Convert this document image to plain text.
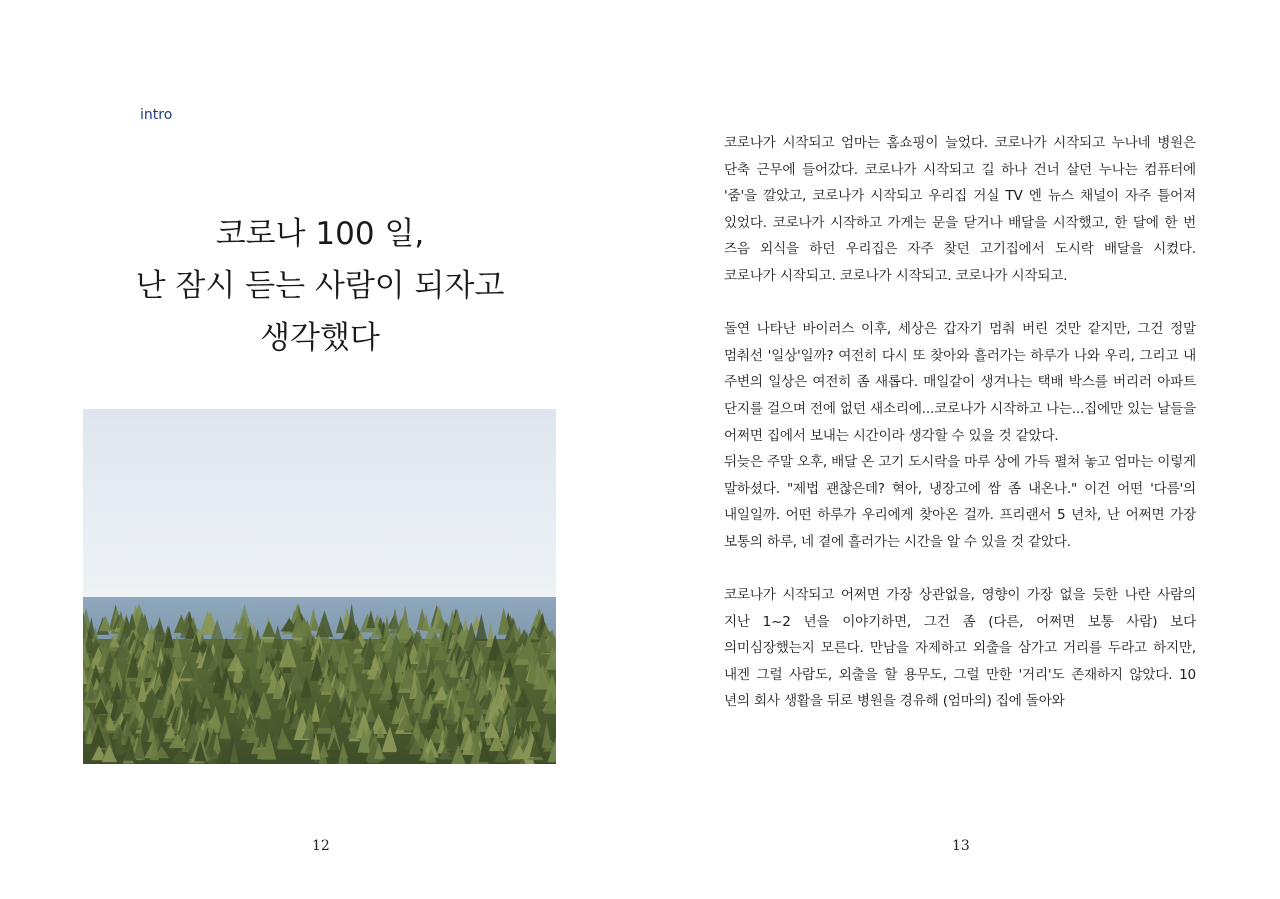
intro
코로나 100 일,
난 잠시 듣는 사람이 되자고
생각했다
12

코로나가 시작되고 엄마는 홈쇼핑이 늘었다. 코로나가 시작되고 누나네 병원은 단축 근무에 들어갔다. 코로나가 시작되고 길 하나 건너 살던 누나는 컴퓨터에 '줌'을 깔았고, 코로나가 시작되고 우리집 거실 TV 엔 뉴스 채널이 자주 틀어져 있었다. 코로나가 시작하고 가게는 문을 닫거나 배달을 시작했고, 한 달에 한 번 즈음 외식을 하던 우리집은 자주 찾던 고기집에서 도시락 배달을 시켰다. 코로나가 시작되고. 코로나가 시작되고. 코로나가 시작되고.

돌연 나타난 바이러스 이후, 세상은 갑자기 멈춰 버린 것만 같지만, 그건 정말 멈춰선 '일상'일까? 여전히 다시 또 찾아와 흘러가는 하루가 나와 우리, 그리고 내 주변의 일상은 여전히 좀 새롭다. 매일같이 생겨나는 택배 박스를 버리러 아파트 단지를 걸으며 전에 없던 새소리에...코로나가 시작하고 나는...집에만 있는 날들을 어쩌면 집에서 보내는 시간이라 생각할 수 있을 것 같았다.

뒤늦은 주말 오후, 배달 온 고기 도시락을 마루 상에 가득 펼쳐 놓고 엄마는 이렇게 말하셨다. "제법 괜찮은데? 혁아, 냉장고에 쌈 좀 내온나." 이건 어떤 '다름'의 내일일까. 어떤 하루가 우리에게 찾아온 걸까. 프리랜서 5 년차, 난 어쩌면 가장 보통의 하루, 네 곁에 흘러가는 시간을 알 수 있을 것 같았다.

코로나가 시작되고 어쩌면 가장 상관없을, 영향이 가장 없을 듯한 나란 사람의 지난 1~2 년을 이야기하면, 그건 좀 (다른, 어쩌면 보통 사람) 보다 의미심장했는지 모른다. 만남을 자제하고 외출을 삼가고 거리를 두라고 하지만, 내겐 그럴 사람도, 외출을 할 용무도, 그럴 만한 '거리'도 존재하지 않았다. 10 년의 회사 생활을 뒤로 병원을 경유해 (엄마의) 집에 돌아와

13
